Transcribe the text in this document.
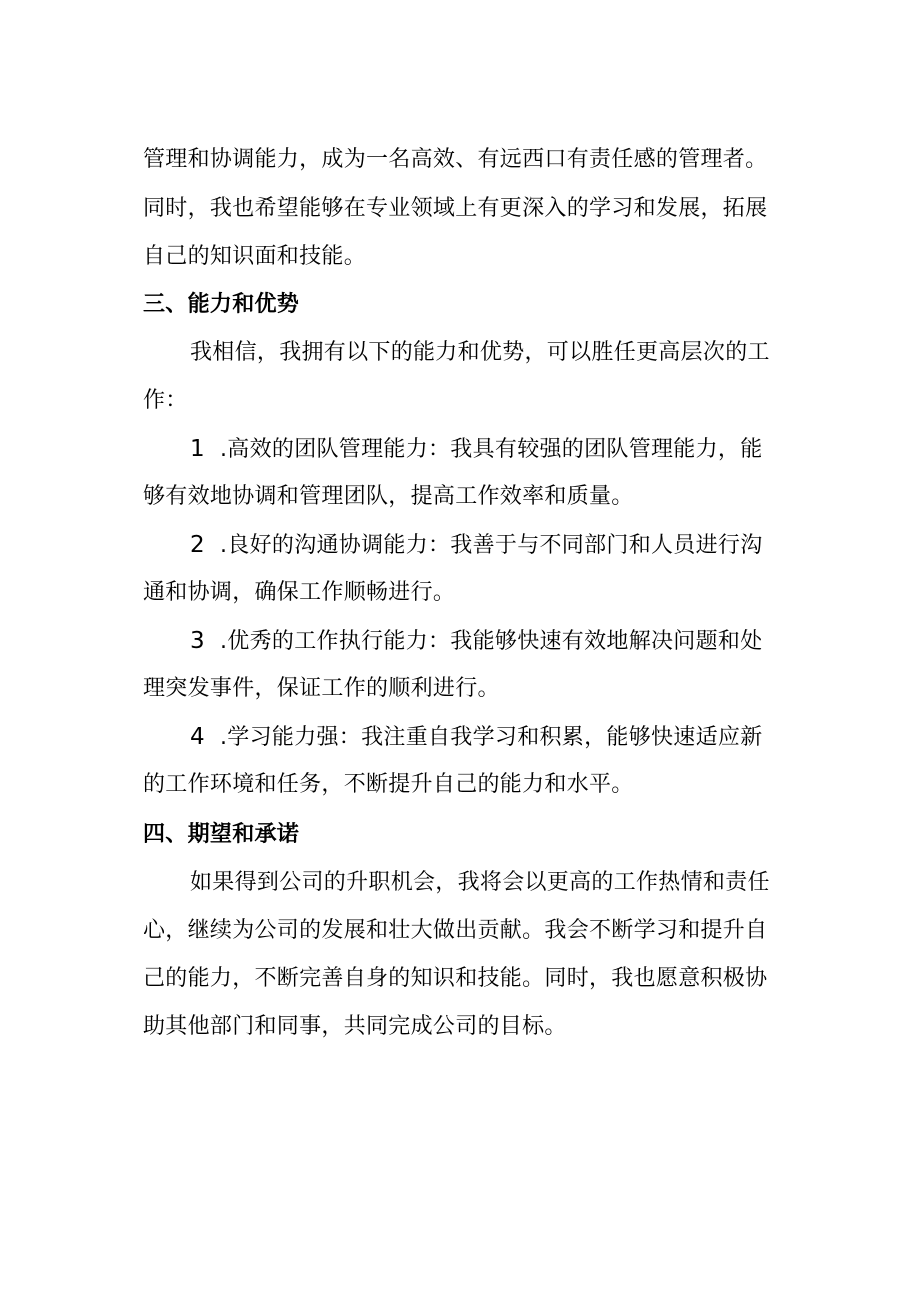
管理和协调能力，成为一名高效、有远西口有责任感的管理者。
同时，我也希望能够在专业领域上有更深入的学习和发展，拓展
自己的知识面和技能。
三、能力和优势
我相信，我拥有以下的能力和优势，可以胜任更高层次的工
作：
1 .高效的团队管理能力：我具有较强的团队管理能力，能
够有效地协调和管理团队，提高工作效率和质量。
2 .良好的沟通协调能力：我善于与不同部门和人员进行沟
通和协调，确保工作顺畅进行。
3 .优秀的工作执行能力：我能够快速有效地解决问题和处
理突发事件，保证工作的顺利进行。
4 .学习能力强：我注重自我学习和积累，能够快速适应新
的工作环境和任务，不断提升自己的能力和水平。
四、期望和承诺
如果得到公司的升职机会，我将会以更高的工作热情和责任
心，继续为公司的发展和壮大做出贡献。我会不断学习和提升自
己的能力，不断完善自身的知识和技能。同时，我也愿意积极协
助其他部门和同事，共同完成公司的目标。
